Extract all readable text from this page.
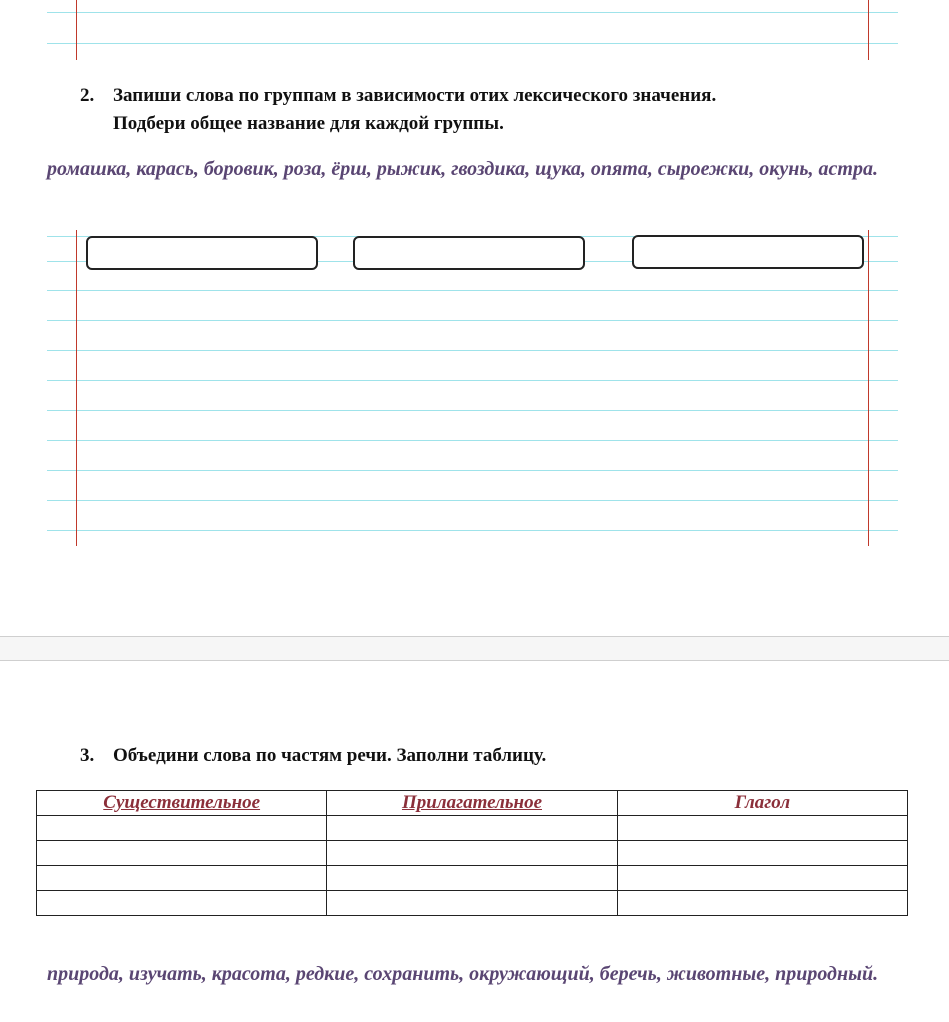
2. Запиши слова по группам в зависимости отих лексического значения.
Подбери общее название для каждой группы.
ромашка, карась, боровик, роза, ёрш, рыжик, гвоздика, щука, опята, сыроежки, окунь, астра.
3. Объедини слова по частям речи. Заполни таблицу.
Существительное	Прилагательное	Глагол

природа, изучать, красота, редкие, сохранить, окружающий, беречь, животные, природный.
